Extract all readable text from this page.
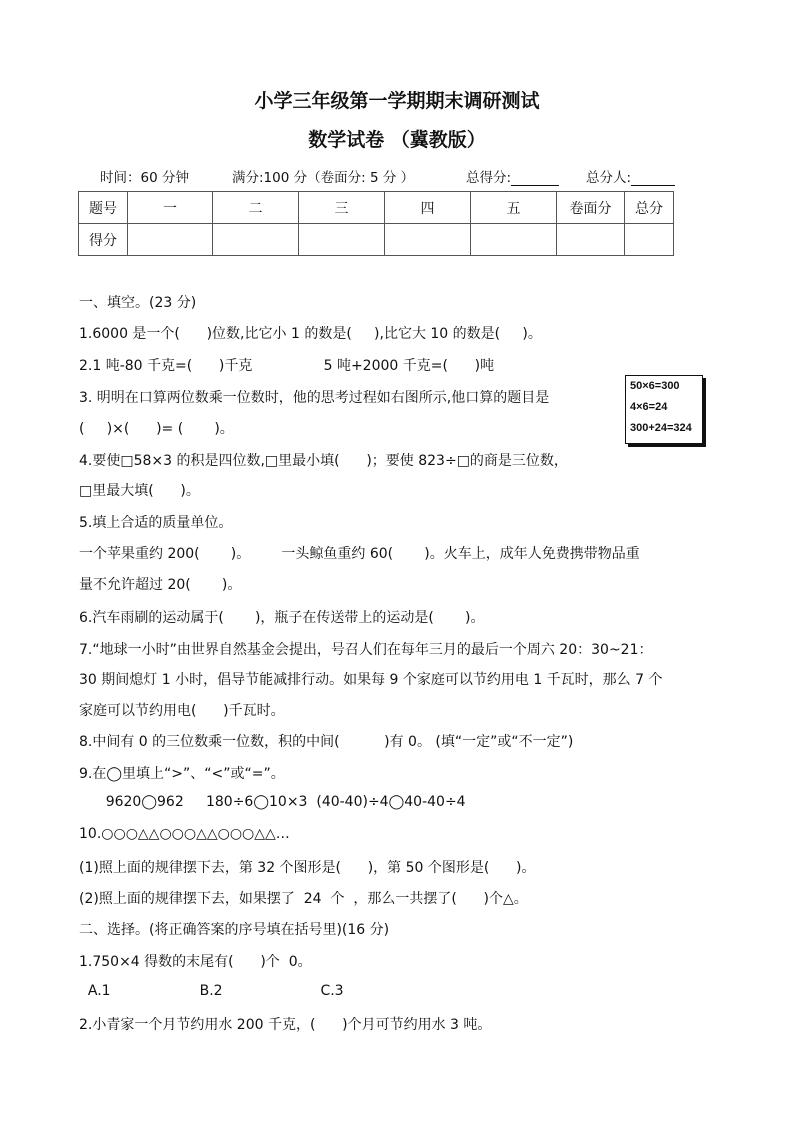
小学三年级第一学期期末调研测试
数学试卷 （冀教版）
时间：60 分钟	满分:100 分（卷面分: 5 分 ）	总得分:	总分人:
题号	一	二	三	四	五	卷面分	总分
得分							
50×6=300
4×6=24
300+24=324
一、填空。(23 分)
1.6000 是一个(      )位数,比它小 1 的数是(     ),比它大 10 的数是(     )。
2.1 吨-80 千克=(      )千克                5 吨+2000 千克=(      )吨
3. 明明在口算两位数乘一位数时，他的思考过程如右图所示,他口算的题目是
(     )×(      )= (       )。
4.要使□58×3 的积是四位数,□里最小填(      )；要使 823÷□的商是三位数，
□里最大填(      )。
5.填上合适的质量单位。
一个苹果重约 200(       )。       一头鲸鱼重约 60(       )。火车上，成年人免费携带物品重
量不允许超过 20(       )。
6.汽车雨刷的运动属于(       )，瓶子在传送带上的运动是(       )。
7.“地球一小时”由世界自然基金会提出，号召人们在每年三月的最后一个周六 20：30~21：
30 期间熄灯 1 小时，倡导节能减排行动。如果每 9 个家庭可以节约用电 1 千瓦时，那么 7 个
家庭可以节约用电(      )千瓦时。
8.中间有 0 的三位数乘一位数，积的中间(          )有 0。 (填“一定”或“不一定”)
9.在◯里填上“>”、“<”或“=”。
9620◯962     180÷6◯10×3  (40-40)÷4◯40-40÷4
10.○○○△△○○○△△○○○△△…
(1)照上面的规律摆下去，第 32 个图形是(      )，第 50 个图形是(      )。
(2)照上面的规律摆下去，如果摆了  24  个  ，那么一共摆了(      )个△。
二、选择。(将正确答案的序号填在括号里)(16 分)
1.750×4 得数的末尾有(      )个  0。
A.1                    B.2                      C.3
2.小青家一个月节约用水 200 千克，(      )个月可节约用水 3 吨。
